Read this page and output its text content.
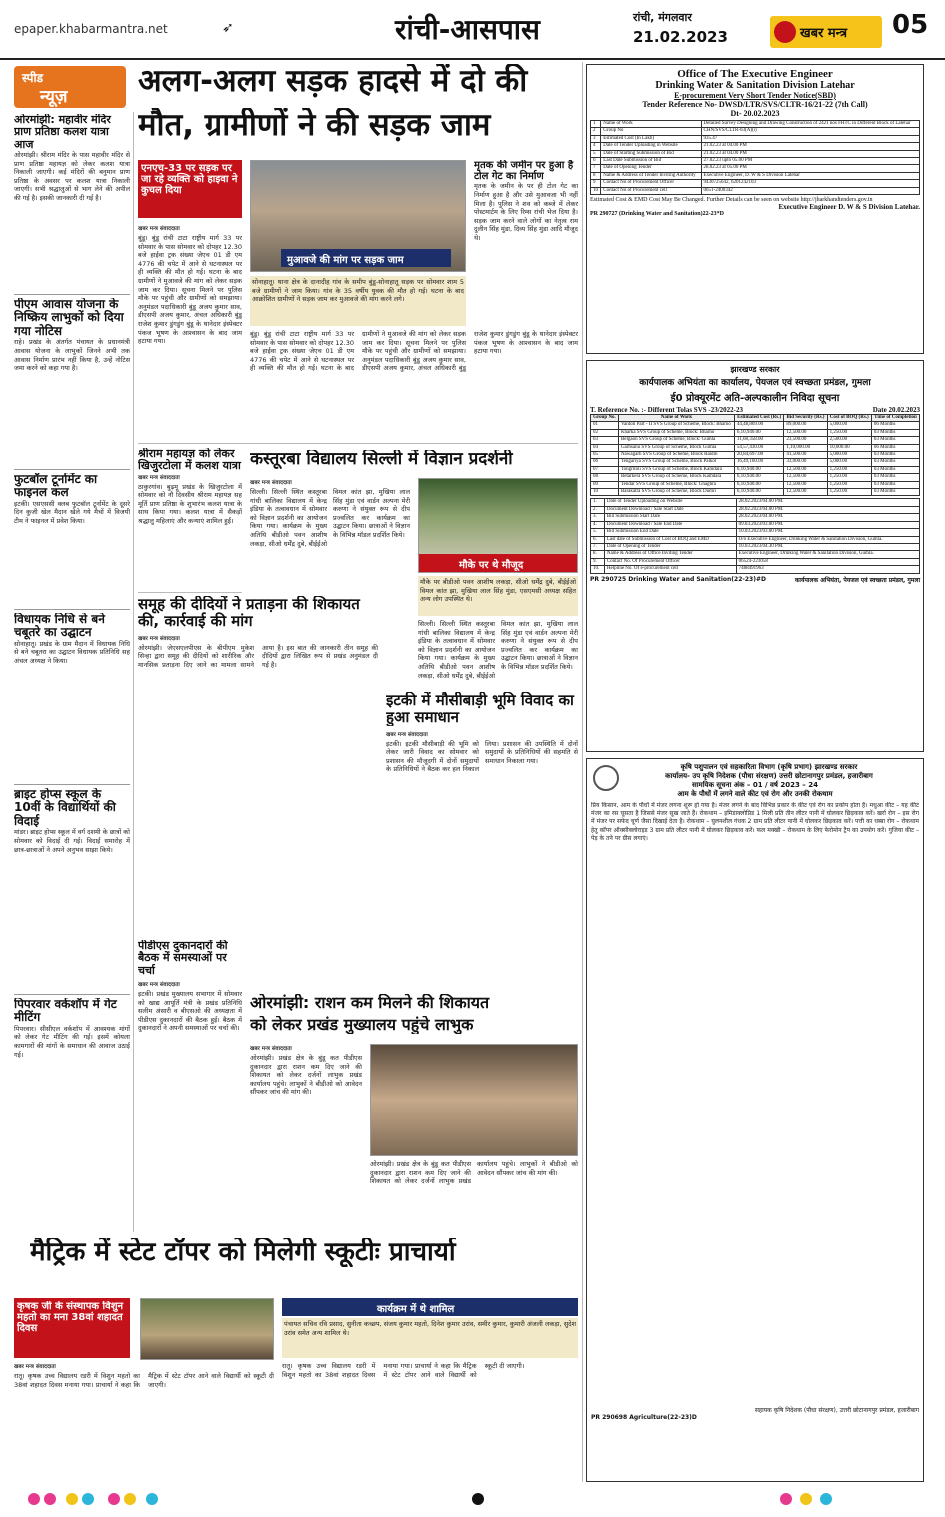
epaper.khabarmantra.net	➶	रांची-आसपास	रांची, मंगलवार
21.02.2023	खबर मन्त्र 05
स्पीड
न्यूज़
ओरमांझी: महावीर मंदिर प्राण प्रतिष्ठा कलश यात्रा आज
ओरमांझी। श्रीराम मंदिर के पास महावीर मंदिर से प्राण प्रतिष्ठा महायज्ञ को लेकर कलश यात्रा निकाली जाएगी। कई मंदिरों की बनुमान प्राण प्रतिष्ठा के अवसर पर कलश यात्रा निकाली जाएगी। सभी श्रद्धालुओं से भाग लेने की अपील की गई है। इसकी जानकारी दी गई है।
पीएम आवास योजना के निष्क्रिय लाभुकों को दिया गया नोटिस
राहे। प्रखंड के अंतर्गत पंचायत के प्रधानमंत्री आवास योजना के लाभुकों जिनने अभी तक आवास निर्माण प्रारंभ नहीं किया है, उन्हें नोटिस जमा करने को कहा गया है।
फुटबॉल टूर्नामेंट का फाइनल कल
इटकी। एसएससी क्लब फुटबॉल टूर्नामेंट के दूसरे दिन कुजी खेल मैदान खेले गये मैचों में विजयी टीम ने फाइनल में प्रवेश किया।
विधायक निधि से बने चबूतरे का उद्घाटन
सोनाहातू। प्रखंड के ग्राम मैदान में विधायक निधि से बने चबूतरा का उद्घाटन विधायक प्रतिनिधि सह अंचल अध्यक्ष ने किया।
ब्राइट होप्स स्कूल के 10वीं के विद्यार्थियों की विदाई
मांडर। ब्राइट होप्स स्कूल में वर्ग दशमी के छात्रों को सोमवार को विदाई दी गई। विदाई समारोह में छात्र-छात्राओं ने अपने अनुभव साझा किये।
पिपरवार वर्कशॉप में गेट मीटिंग
पिपरवार। सीसीएल वर्कशॉप में आवश्यक मांगों को लेकर गेट मीटिंग की गई। इसमें कोयला कामगारों की मांगों के समाधान की आवाज उठाई गई।
अलग-अलग सड़क हादसे में दो की
मौत, ग्रामीणों ने की सड़क जाम
एनएच-33 पर सड़क पर जा रहे व्यक्ति को हाइवा ने कुचल दिया
मुआवजे की मांग पर सड़क जाम
मृतक की जमीन पर हुआ है टोल गेट का निर्माण
मृतक के जमीन के पर ही टोल गेट का निर्माण हुआ है और उसे मुआवजा भी नहीं मिला है। पुलिस ने शव को कब्जे में लेकर पोस्टमार्टम के लिए रिम्स रांची भेज दिया है। सड़क जाम करने वाले लोगों का नेतृत्व राम दुलीन सिंह मुंडा, दिव्य सिंह मुंडा आदि मौजूद थे।
खबर मन्त्र संवाददाता
बुंडू। बुंडू रांची टाटा राष्ट्रीय मार्ग 33 पर सोमवार के पास सोमवार को दोपहर 12.30 बजे हाईवा ट्रक संख्या जेएच 01 डी एम 4776 की चपेट में आने से घटनास्थल पर ही व्यक्ति की मौत हो गई। घटना के बाद ग्रामीणों ने मुआवजे की मांग को लेकर सड़क जाम कर दिया। सूचना मिलने पर पुलिस मौके पर पहुंची और ग्रामीणों को समझाया। अनुमंडल पदाधिकारी बुंडू अजय कुमार साव, डीएसपी अजय कुमार, अंचल अधिकारी बुंडू राजेश कुमार डुंगडुंग बुंडू के थानेदार इंस्पेक्टर पंकज भूषण के आश्वासन के बाद जाम हटाया गया।
सोनाहातू। थाना क्षेत्र के दानादीह गांव के समीप बुंडू-सोनाहातू सड़क पर सोमवार शाम 5 बजे ग्रामीणों ने जाम किया। गांव के 35 वर्षीय युवक की मौत हो गई। घटना के बाद आक्रोशित ग्रामीणों ने सड़क जाम कर मुआवजे की मांग करने लगे।
बुंडू। बुंडू रांची टाटा राष्ट्रीय मार्ग 33 पर सोमवार के पास सोमवार को दोपहर 12.30 बजे हाईवा ट्रक संख्या जेएच 01 डी एम 4776 की चपेट में आने से घटनास्थल पर ही व्यक्ति की मौत हो गई। घटना के बाद ग्रामीणों ने मुआवजे की मांग को लेकर सड़क जाम कर दिया। सूचना मिलने पर पुलिस मौके पर पहुंची और ग्रामीणों को समझाया। अनुमंडल पदाधिकारी बुंडू अजय कुमार साव, डीएसपी अजय कुमार, अंचल अधिकारी बुंडू राजेश कुमार डुंगडुंग बुंडू के थानेदार इंस्पेक्टर पंकज भूषण के आश्वासन के बाद जाम हटाया गया।
श्रीराम महायज्ञ को लेकर खिजुरटोला में कलश यात्रा
खबर मन्त्र संवाददाता
ठाकुरगांव। बुढ़मू प्रखंड के खिजुरटोला में सोमवार को नौ दिवसीय श्रीराम महायज्ञ सह मूर्ति प्राण प्रतिष्ठा के शुभारंभ कलश यात्रा के साथ किया गया। कलश यात्रा में सैकड़ों श्रद्धालु महिलाएं और कन्याएं शामिल हुईं।
कस्तूरबा विद्यालय सिल्ली में विज्ञान प्रदर्शनी
खबर मन्त्र संवाददाता
सिल्ली। सिल्ली स्थित कस्तूरबा गांधी बालिका विद्यालय में केन्द्र इंडिया के तत्वावधान में सोमवार को विज्ञान प्रदर्शनी का आयोजन किया गया। कार्यक्रम के मुख्य अतिथि बीडीओ पवन आशीष लकड़ा, सीओ धर्मेंद्र दुबे, बीईईओ विमल कांत झा, मुखिया लाल सिंह मुंडा एवं वार्डन अल्पना मेरी करुणा ने संयुक्त रूप से दीप प्रज्वलित कर कार्यक्रम का उद्घाटन किया। छात्राओं ने विज्ञान के विभिन्न मॉडल प्रदर्शित किये।
मौके पर थे मौजूद
मौके पर बीडीओ पवन आशीष लकड़ा, सीओ धर्मेंद्र दुबे, बीईईओ विमल कांत झा, मुखिया लाल सिंह मुंडा, एसएमसी अध्यक्ष सहित अन्य लोग उपस्थित थे।
सिल्ली। सिल्ली स्थित कस्तूरबा गांधी बालिका विद्यालय में केन्द्र इंडिया के तत्वावधान में सोमवार को विज्ञान प्रदर्शनी का आयोजन किया गया। कार्यक्रम के मुख्य अतिथि बीडीओ पवन आशीष लकड़ा, सीओ धर्मेंद्र दुबे, बीईईओ विमल कांत झा, मुखिया लाल सिंह मुंडा एवं वार्डन अल्पना मेरी करुणा ने संयुक्त रूप से दीप प्रज्वलित कर कार्यक्रम का उद्घाटन किया। छात्राओं ने विज्ञान के विभिन्न मॉडल प्रदर्शित किये।
समूह की दीदियों ने प्रताड़ना की शिकायत की, कार्रवाई की मांग
खबर मन्त्र संवाददाता
ओरमांझी। जेएसएलपीएस के बीपीएम मुकेश सिन्हा द्वारा समूह की दीदियों को शारीरिक और मानसिक प्रताड़ना दिए जाने का मामला सामने आया है। इस बात की जानकारी तीन समूह की दीदियों द्वारा लिखित रूप से प्रखंड अनुमंडल दी गई है।
इटकी में मौसीबाड़ी भूमि विवाद का हुआ समाधान
खबर मन्त्र संवाददाता
इटकी। इटकी मौसीबाड़ी की भूमि को लेकर जारी विवाद का सोमवार को प्रशासन की मौजूदगी में दोनों समुदायों के प्रतिनिधियों ने बैठक कर हल निकाल लिया। प्रशासन की उपस्थिति में दोनों समुदायों के प्रतिनिधियों की सहमति से समाधान निकाला गया।
पीडीएस दुकानदारों की बैठक में समस्याओं पर चर्चा
खबर मन्त्र संवाददाता
इटकी। प्रखंड मुख्यालय सभागार में सोमवार को खाद्य आपूर्ति मंत्री के प्रखंड प्रतिनिधि सलीम अंसारी व बीएसओ की अध्यक्षता में पीडीएस दुकानदारों की बैठक हुई। बैठक में दुकानदारों ने अपनी समस्याओं पर चर्चा की।
ओरमांझी: राशन कम मिलने की शिकायत
को लेकर प्रखंड मुख्यालय पहुंचे लाभुक
खबर मन्त्र संवाददाता
ओरमांझी। प्रखंड क्षेत्र के बुंडू कत पीडीएस दुकानदार द्वारा राशन कम दिए जाने की शिकायत को लेकर दर्जनों लाभुक प्रखंड कार्यालय पहुंचे। लाभुकों ने बीडीओ को आवेदन सौंपकर जांच की मांग की।
ओरमांझी। प्रखंड क्षेत्र के बुंडू कत पीडीएस दुकानदार द्वारा राशन कम दिए जाने की शिकायत को लेकर दर्जनों लाभुक प्रखंड कार्यालय पहुंचे। लाभुकों ने बीडीओ को आवेदन सौंपकर जांच की मांग की।
मैट्रिक में स्टेट टॉपर को मिलेगी स्कूटीः प्राचार्या
कृषक जी के संस्थापक विशुन महतो का मना 38वां शहादत दिवस
खबर मन्त्र संवाददाता
रातू। कृषक उच्च विद्यालय रडरी में विशुन महतो का 38वां शहादत दिवस मनाया गया। प्राचार्या ने कहा कि मैट्रिक में स्टेट टॉपर आने वाले विद्यार्थी को स्कूटी दी जाएगी।
कार्यक्रम में थे शामिल
पंचायत सचिव रवि प्रसाद, सुनीता कच्छप, संजय कुमार महतो, दिनेश कुमार उरांव, समीर कुमार, कुमारी अंजली लकड़ा, सुदेश उरांव समेत अन्य शामिल थे।
रातू। कृषक उच्च विद्यालय रडरी में विशुन महतो का 38वां शहादत दिवस मनाया गया। प्राचार्या ने कहा कि मैट्रिक में स्टेट टॉपर आने वाले विद्यार्थी को स्कूटी दी जाएगी।
Office of The Executive Engineer
Drinking Water & Sanitation Division Latehar
E-procurement Very Short Tender Notice(SBD)
Tender Reference No- DWSD/LTR/SVS/CLTR-16/21-22 (7th Call)
Dt- 20.02.2023
1	Name of Work	Detailed Survey Designing and Drawing Construction of 2421 nos FHTC in Different Block of Latehar
2	Group No	CHN/SVS/CLTR-03(A)(i)
3	Estimated Cost (In Lakh)	935.47
4	Date of Tender Uploading in Website	21.02.23 at 04.00 PM
5	Date of Starting Submission of Bid	21.02.23 at 04.00 PM
6	Last Date Submission of Bid	27.02.23 upto 05.00 PM
7	Date of Opening Tender	28.02.23 at 05.00 PM
8	Name & Address of Tender Inviting Authority	Executive Engineer, D. W & S Division Latehar
9	Contact No of Procurement Officer	9430725642, 6201242103
10	Contact No of Procurement cell	0651-2400342
Estimated Cost & EMD Cost May Be Changed. Further Details can be seen on website http://jharkhandtenders.gov.in
Executive Engineer D. W & S Division Latehar.
PR 290727 (Drinking Water and Sanitation)22-23*D
झारखण्ड सरकार
कार्यपालक अभियंता का कार्यालय, पेयजल एवं स्वच्छता प्रमंडल, गुमला
ई0 प्रोक्यूरमेंट अति-अल्पकालीन निविदा सूचना
T. Reference No. :- Different Tolas SVS -23/2022-23	Date 20.02.2023
Group No.	Name of Work	Estimated Cost (Rs.)	Bid Security (Rs.)	Cost of BOQ (Rs.)	Time of Completion
01	Vantoli Part - II SVS Group of Scheme, Block: Bharno	44,48,869.00	89,000.00	5,000.00	06 Months
02	Kharka SVS Group of Scheme, Block: Bharno	6,10,940.00	12,500.00	1,250.00	03 Months
03	Belgaon SVS Group of Scheme, Block: Gumla	11,68,358.00	23,500.00	2,500.00	03 Months
04	Garhsanu SVS Group of Scheme, Block Gumla	54,57,430.00	1,10,000.00	10,000.00	06 Months
05	Nawagarh SVS Group of Scheme, Block Raidih	20,84,697.00	41,500.00	5,000.00	03 Months
06	Tengariya SVS Group of Scheme, Block Palkot	16,49,160.00	33,000.00	5,000.00	03 Months
07	Tongritoli SVS Group of Scheme, Block Kamdara	6,10,940.00	12,500.00	1,250.00	03 Months
08	Betarkera SVS Group of Scheme, Block Kamdara	6,10,940.00	12,500.00	1,250.00	03 Months
09	Tendar SVS Group of Scheme, Block: Ghaghra	6,10,940.00	12,500.00	1,250.00	03 Months
10	Barakatra SVS Group of Scheme, Block Dumri	6,10,940.00	12,500.00	1,250.00	03 Months
1.	Date of Tender Uploading on Website	28.02.2023/04.00 PM.
2.	Document Download / Sale Start Date	28.02.2023/04.00 PM.
3.	Bid Submission Start Date	28.02.2023/04.00 PM.
4.	Document Download / Sale End Date	09.03.2023/03.00 PM.
5.	Bid Submission End Date	10.03.2023/03.00 PM.
6.	Last date of Submission of Cost of BOQ and EMD	O/o Executive Engineer, Drinking Water & Sanitation Division, Gumla.
7.	Date of Opening of Tender	10.03.2023/04.30 PM.
8.	Name & Address of Office Inviting Tender	Executive Engineer, Drinking Water & Sanitation Division, Gumla.
9.	Contact No. Of Procurement Officer	06524-223058
10.	Helpline No. Of e-procurement cell	7488491963
PR 290725 Drinking Water and Sanitation(22-23)#D	कार्यपालक अभियंता, पेयजल एवं स्वच्छता प्रमंडल, गुमला
कृषि पशुपालन एवं सहकारिता विभाग (कृषि प्रभाग) झारखण्ड सरकार
कार्यालय- उप कृषि निदेशक (पौधा संरक्षण) उत्तरी छोटानागपुर प्रमंडल, हजारीबाग
सामयिक सूचना अंक – 01 / वर्ष 2023 – 24
आम के पौधों में लगने वाले कीट एवं रोग और उनकी रोकथाम
प्रिय किसान, आम के पौधों में मंजर लगना शुरू हो गया है। मंजर लगने के बाद विभिन्न प्रकार के कीट एवं रोग का प्रकोप होता है। मधुआ कीट – यह कीट मंजर का रस चूसता है जिससे मंजर सूख जाते हैं। रोकथाम – इमिडाक्लोप्रिड 1 मिली प्रति तीन लीटर पानी में घोलकर छिड़काव करें। खर्रा रोग – इस रोग में मंजर पर सफेद चूर्ण जैसा दिखाई देता है। रोकथाम – घुलनशील गंधक 2 ग्राम प्रति लीटर पानी में घोलकर छिड़काव करें। पत्ती का धब्बा रोग – रोकथाम हेतु कॉपर ऑक्सीक्लोराइड 3 ग्राम प्रति लीटर पानी में घोलकर छिड़काव करें। फल मक्खी – रोकथाम के लिए फेरोमोन ट्रैप का उपयोग करें। गुजिया कीट – पेड़ के तने पर ग्रीस लगाएं।
सहायक कृषि निदेशक (पौधा संरक्षण), उत्तरी छोटानागपुर प्रमंडल, हजारीबाग
PR 290698 Agriculture(22-23)D
